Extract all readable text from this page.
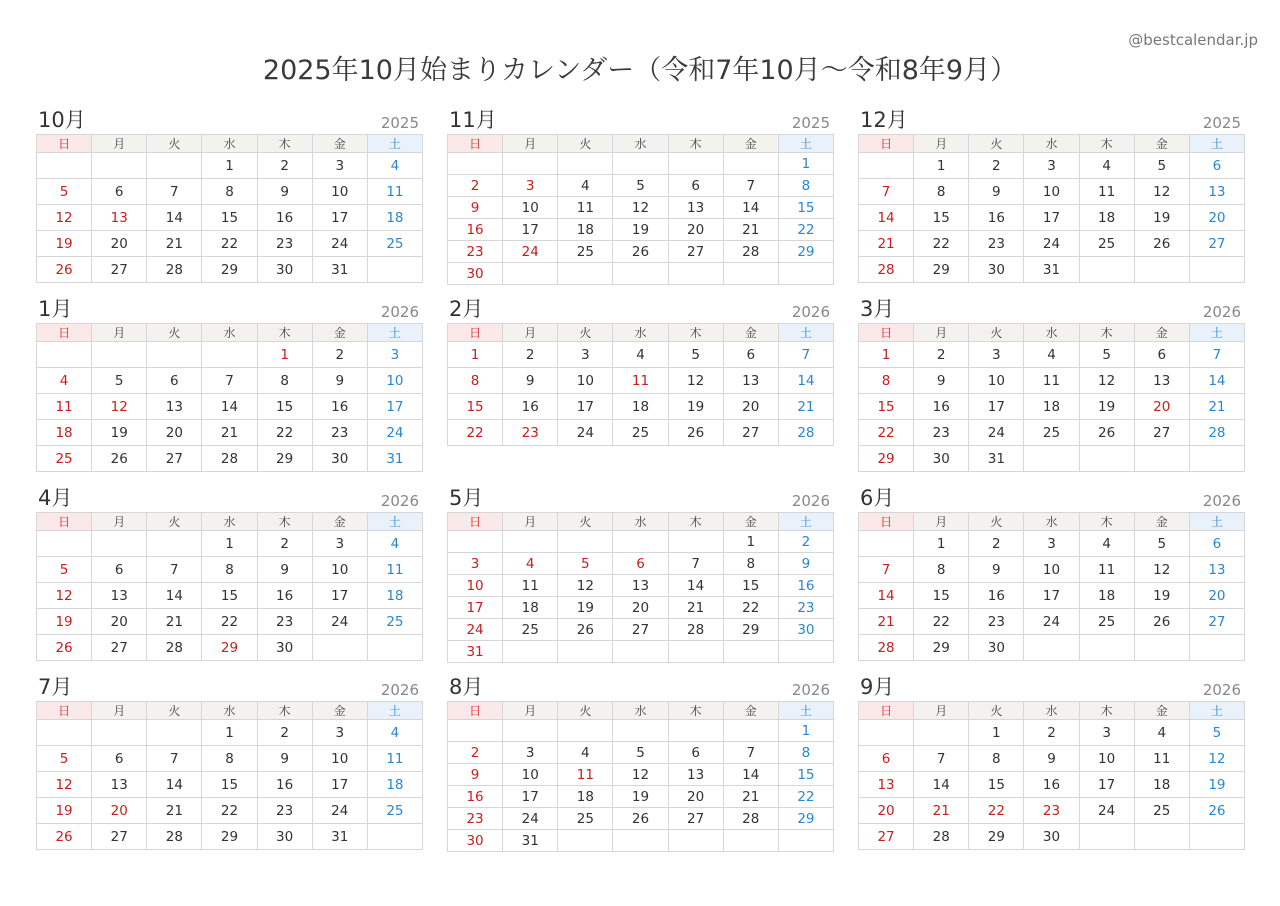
@bestcalendar.jp
2025年10月始まりカレンダー（令和7年10月〜令和8年9月）
10月	2025
日	月	火	水	木	金	土
			1	2	3	4
5	6	7	8	9	10	11
12	13	14	15	16	17	18
19	20	21	22	23	24	25
26	27	28	29	30	31	
11月	2025
日	月	火	水	木	金	土
						1
2	3	4	5	6	7	8
9	10	11	12	13	14	15
16	17	18	19	20	21	22
23	24	25	26	27	28	29
30						
12月	2025
日	月	火	水	木	金	土
	1	2	3	4	5	6
7	8	9	10	11	12	13
14	15	16	17	18	19	20
21	22	23	24	25	26	27
28	29	30	31			
1月	2026
日	月	火	水	木	金	土
				1	2	3
4	5	6	7	8	9	10
11	12	13	14	15	16	17
18	19	20	21	22	23	24
25	26	27	28	29	30	31
2月	2026
日	月	火	水	木	金	土
1	2	3	4	5	6	7
8	9	10	11	12	13	14
15	16	17	18	19	20	21
22	23	24	25	26	27	28
3月	2026
日	月	火	水	木	金	土
1	2	3	4	5	6	7
8	9	10	11	12	13	14
15	16	17	18	19	20	21
22	23	24	25	26	27	28
29	30	31				
4月	2026
日	月	火	水	木	金	土
			1	2	3	4
5	6	7	8	9	10	11
12	13	14	15	16	17	18
19	20	21	22	23	24	25
26	27	28	29	30		
5月	2026
日	月	火	水	木	金	土
					1	2
3	4	5	6	7	8	9
10	11	12	13	14	15	16
17	18	19	20	21	22	23
24	25	26	27	28	29	30
31						
6月	2026
日	月	火	水	木	金	土
	1	2	3	4	5	6
7	8	9	10	11	12	13
14	15	16	17	18	19	20
21	22	23	24	25	26	27
28	29	30				
7月	2026
日	月	火	水	木	金	土
			1	2	3	4
5	6	7	8	9	10	11
12	13	14	15	16	17	18
19	20	21	22	23	24	25
26	27	28	29	30	31	
8月	2026
日	月	火	水	木	金	土
						1
2	3	4	5	6	7	8
9	10	11	12	13	14	15
16	17	18	19	20	21	22
23	24	25	26	27	28	29
30	31					
9月	2026
日	月	火	水	木	金	土
		1	2	3	4	5
6	7	8	9	10	11	12
13	14	15	16	17	18	19
20	21	22	23	24	25	26
27	28	29	30			
